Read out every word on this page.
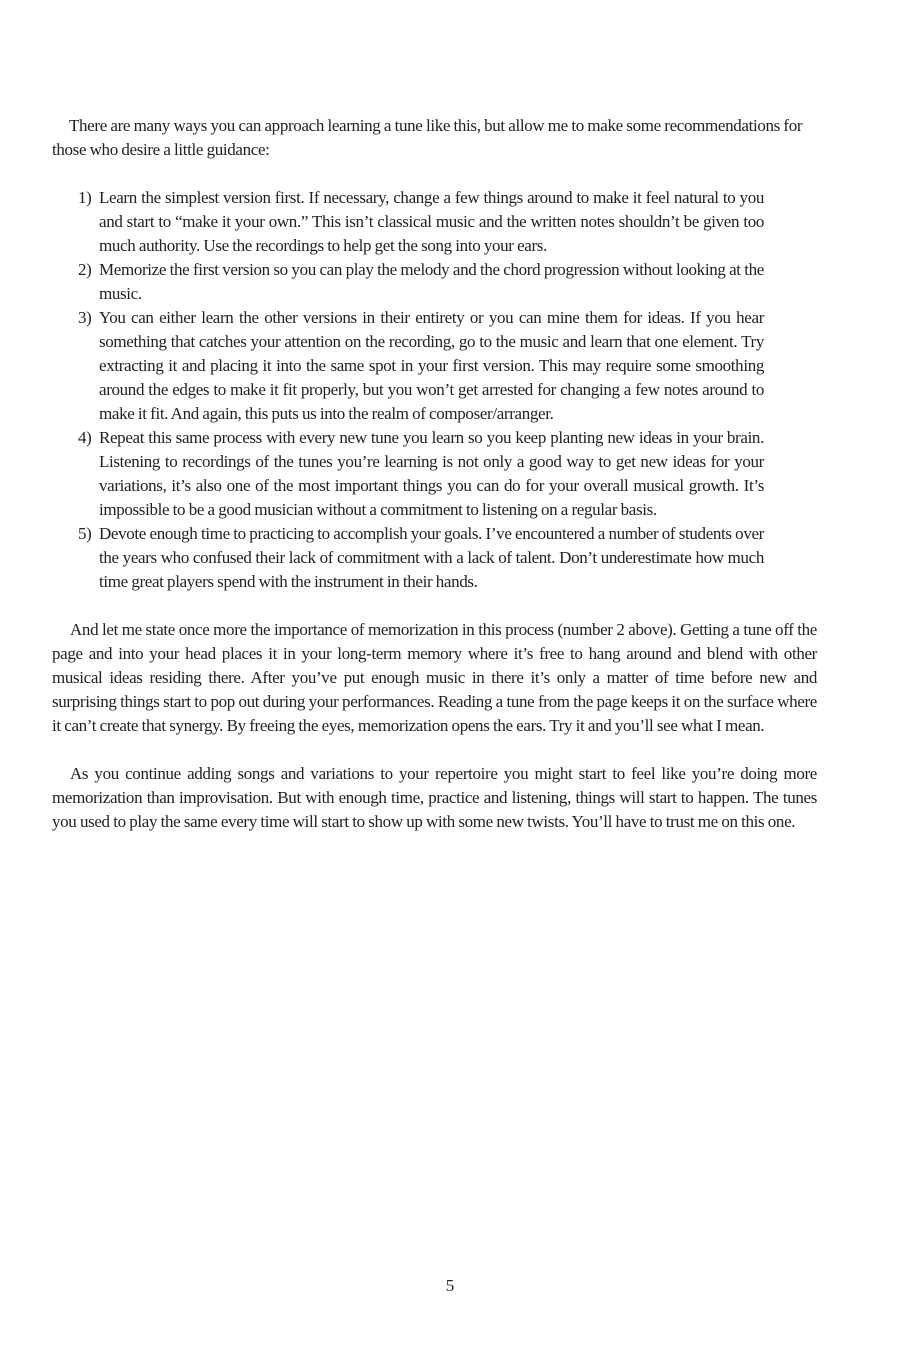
There are many ways you can approach learning a tune like this, but allow me to make some recommendations for those who desire a little guidance:

1) Learn the simplest version first. If necessary, change a few things around to make it feel natural to you and start to “make it your own.” This isn’t classical music and the written notes shouldn’t be given too much authority. Use the recordings to help get the song into your ears.
2) Memorize the first version so you can play the melody and the chord progression without looking at the music.
3) You can either learn the other versions in their entirety or you can mine them for ideas. If you hear something that catches your attention on the recording, go to the music and learn that one element. Try extracting it and placing it into the same spot in your first version. This may require some smoothing around the edges to make it fit properly, but you won’t get arrested for changing a few notes around to make it fit. And again, this puts us into the realm of composer/arranger.
4) Repeat this same process with every new tune you learn so you keep planting new ideas in your brain. Listening to recordings of the tunes you’re learning is not only a good way to get new ideas for your variations, it’s also one of the most important things you can do for your overall musical growth. It’s impossible to be a good musician without a commitment to listening on a regular basis.
5) Devote enough time to practicing to accomplish your goals. I’ve encountered a number of students over the years who confused their lack of commitment with a lack of talent. Don’t underestimate how much time great players spend with the instrument in their hands.

And let me state once more the importance of memorization in this process (number 2 above). Getting a tune off the page and into your head places it in your long-term memory where it’s free to hang around and blend with other musical ideas residing there. After you’ve put enough music in there it’s only a matter of time before new and surprising things start to pop out during your performances. Reading a tune from the page keeps it on the surface where it can’t create that synergy. By freeing the eyes, memorization opens the ears. Try it and you’ll see what I mean.

As you continue adding songs and variations to your repertoire you might start to feel like you’re doing more memorization than improvisation. But with enough time, practice and listening, things will start to happen. The tunes you used to play the same every time will start to show up with some new twists. You’ll have to trust me on this one.

5
